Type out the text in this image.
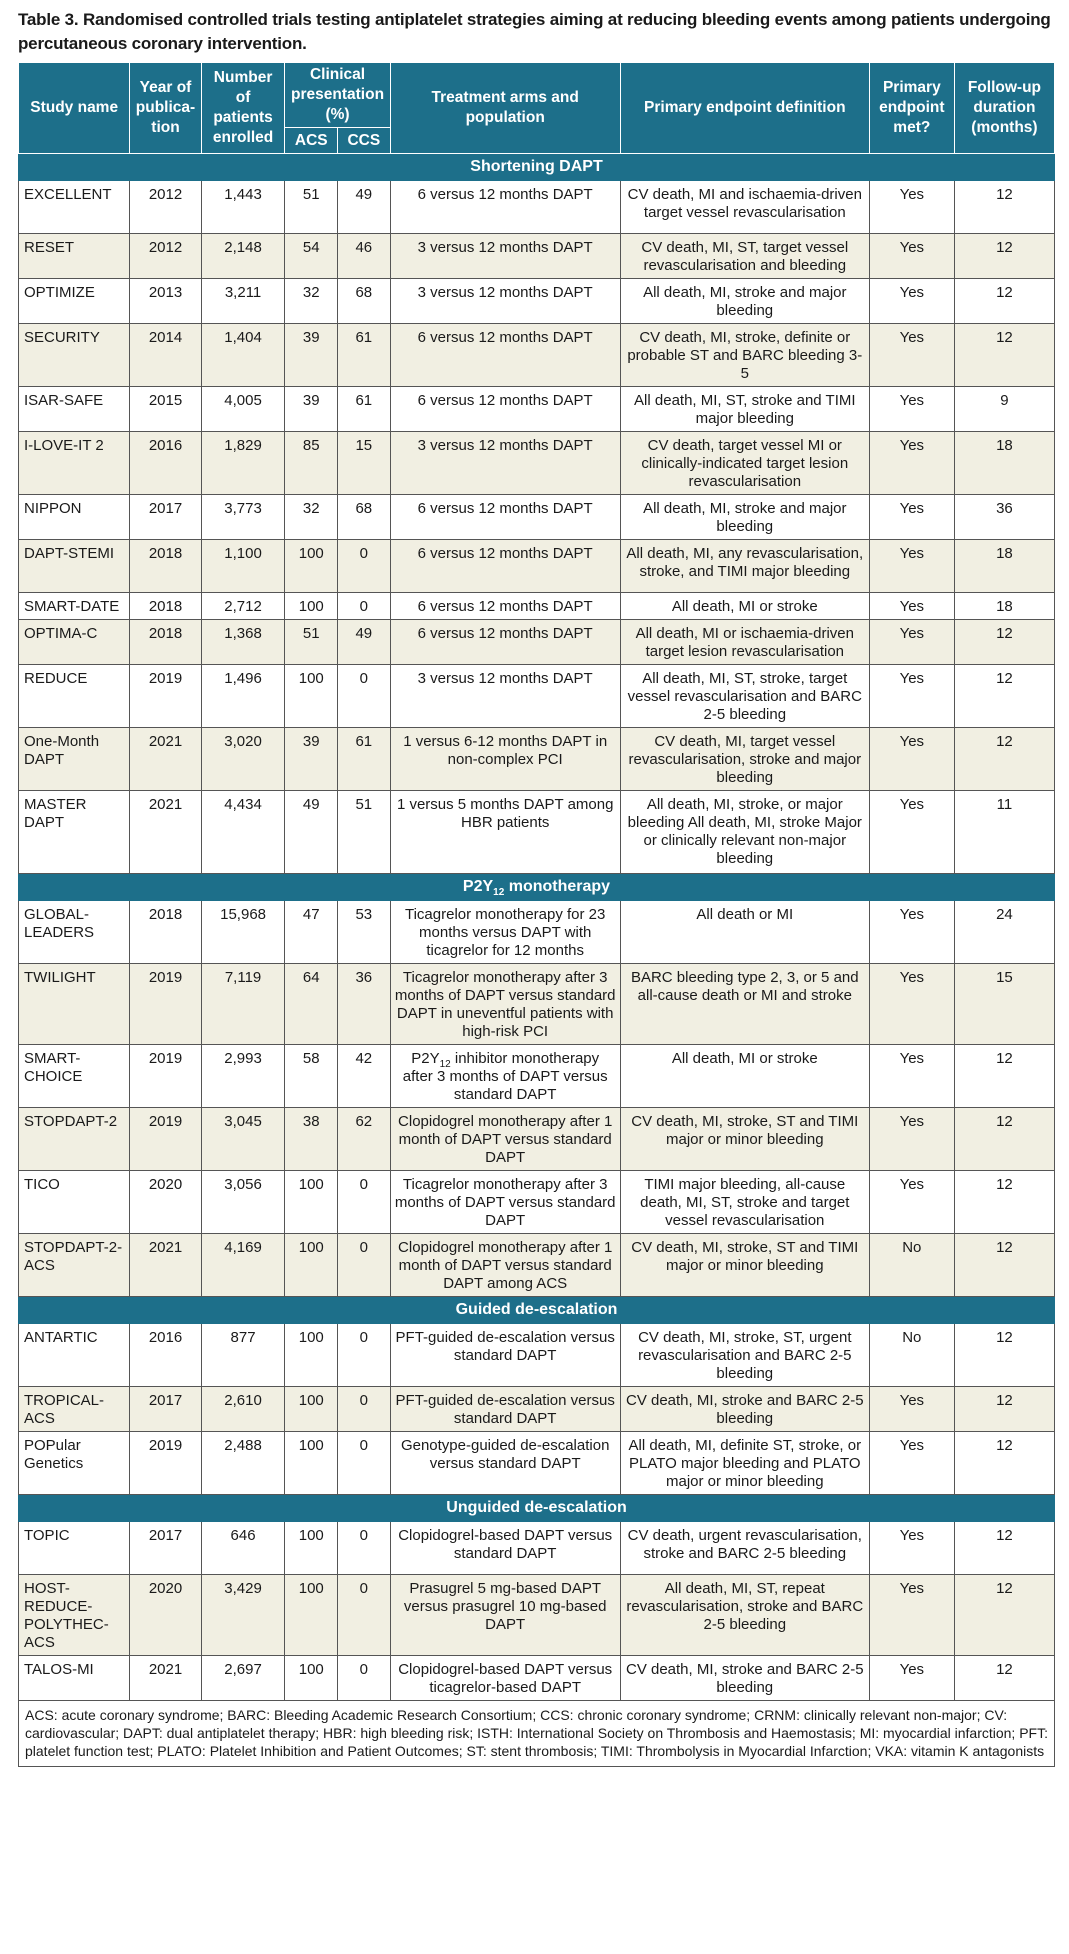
Table 3. Randomised controlled trials testing antiplatelet strategies aiming at reducing bleeding events among patients undergoing percutaneous coronary intervention.
Study name	Year of publica-tion	Number of patients enrolled	Clinical presentation (%)		Treatment arms and population	Primary endpoint definition	Primary endpoint met?	Follow-up duration (months)
			ACS	CCS				
Shortening DAPT								
EXCELLENT	2012	1,443	51	49	6 versus 12 months DAPT	CV death, MI and ischaemia-driven target vessel revascularisation	Yes	12
RESET	2012	2,148	54	46	3 versus 12 months DAPT	CV death, MI, ST, target vessel revascularisation and bleeding	Yes	12
OPTIMIZE	2013	3,211	32	68	3 versus 12 months DAPT	All death, MI, stroke and major bleeding	Yes	12
SECURITY	2014	1,404	39	61	6 versus 12 months DAPT	CV death, MI, stroke, definite or probable ST and BARC bleeding 3-5	Yes	12
ISAR-SAFE	2015	4,005	39	61	6 versus 12 months DAPT	All death, MI, ST, stroke and TIMI major bleeding	Yes	9
I-LOVE-IT 2	2016	1,829	85	15	3 versus 12 months DAPT	CV death, target vessel MI or clinically-indicated target lesion revascularisation	Yes	18
NIPPON	2017	3,773	32	68	6 versus 12 months DAPT	All death, MI, stroke and major bleeding	Yes	36
DAPT-STEMI	2018	1,100	100	0	6 versus 12 months DAPT	All death, MI, any revascularisation, stroke, and TIMI major bleeding	Yes	18
SMART-DATE	2018	2,712	100	0	6 versus 12 months DAPT	All death, MI or stroke	Yes	18
OPTIMA-C	2018	1,368	51	49	6 versus 12 months DAPT	All death, MI or ischaemia-driven target lesion revascularisation	Yes	12
REDUCE	2019	1,496	100	0	3 versus 12 months DAPT	All death, MI, ST, stroke, target vessel revascularisation and BARC 2-5 bleeding	Yes	12
One-Month DAPT	2021	3,020	39	61	1 versus 6-12 months DAPT in non-complex PCI	CV death, MI, target vessel revascularisation, stroke and major bleeding	Yes	12
MASTER DAPT	2021	4,434	49	51	1 versus 5 months DAPT among HBR patients	All death, MI, stroke, or major bleeding All death, MI, stroke Major or clinically relevant non-major bleeding	Yes	11
$P2Y_{12}$ monotherapy								
GLOBAL-LEADERS	2018	15,968	47	53	Ticagrelor monotherapy for 23 months versus DAPT with ticagrelor for 12 months	All death or MI	Yes	24
TWILIGHT	2019	7,119	64	36	Ticagrelor monotherapy after 3 months of DAPT versus standard DAPT in uneventful patients with high-risk PCI	BARC bleeding type 2, 3, or 5 and all-cause death or MI and stroke	Yes	15
SMART-CHOICE	2019	2,993	58	42	$P2Y_{12}$ inhibitor monotherapy after 3 months of DAPT versus standard DAPT	All death, MI or stroke	Yes	12
STOPDAPT-2	2019	3,045	38	62	Clopidogrel monotherapy after 1 month of DAPT versus standard DAPT	CV death, MI, stroke, ST and TIMI major or minor bleeding	Yes	12
TICO	2020	3,056	100	0	Ticagrelor monotherapy after 3 months of DAPT versus standard DAPT	TIMI major bleeding, all-cause death, MI, ST, stroke and target vessel revascularisation	Yes	12
STOPDAPT-2-ACS	2021	4,169	100	0	Clopidogrel monotherapy after 1 month of DAPT versus standard DAPT among ACS	CV death, MI, stroke, ST and TIMI major or minor bleeding	No	12
Guided de-escalation								
ANTARTIC	2016	877	100	0	PFT-guided de-escalation versus standard DAPT	CV death, MI, stroke, ST, urgent revascularisation and BARC 2-5 bleeding	No	12
TROPICAL-ACS	2017	2,610	100	0	PFT-guided de-escalation versus standard DAPT	CV death, MI, stroke and BARC 2-5 bleeding	Yes	12
POPular Genetics	2019	2,488	100	0	Genotype-guided de-escalation versus standard DAPT	All death, MI, definite ST, stroke, or PLATO major bleeding and PLATO major or minor bleeding	Yes	12
Unguided de-escalation								
TOPIC	2017	646	100	0	Clopidogrel-based DAPT versus standard DAPT	CV death, urgent revascularisation, stroke and BARC 2-5 bleeding	Yes	12
HOST-REDUCE-POLYTHEC-ACS	2020	3,429	100	0	Prasugrel 5 mg-based DAPT versus prasugrel 10 mg-based DAPT	All death, MI, ST, repeat revascularisation, stroke and BARC 2-5 bleeding	Yes	12
TALOS-MI	2021	2,697	100	0	Clopidogrel-based DAPT versus ticagrelor-based DAPT	CV death, MI, stroke and BARC 2-5 bleeding	Yes	12
ACS: acute coronary syndrome; BARC: Bleeding Academic Research Consortium; CCS: chronic coronary syndrome; CRNM: clinically relevant non-major; CV: cardiovascular; DAPT: dual antiplatelet therapy; HBR: high bleeding risk; ISTH: International Society on Thrombosis and Haemostasis; MI: myocardial infarction; PFT: platelet function test; PLATO: Platelet Inhibition and Patient Outcomes; ST: stent thrombosis; TIMI: Thrombolysis in Myocardial Infarction; VKA: vitamin K antagonists
